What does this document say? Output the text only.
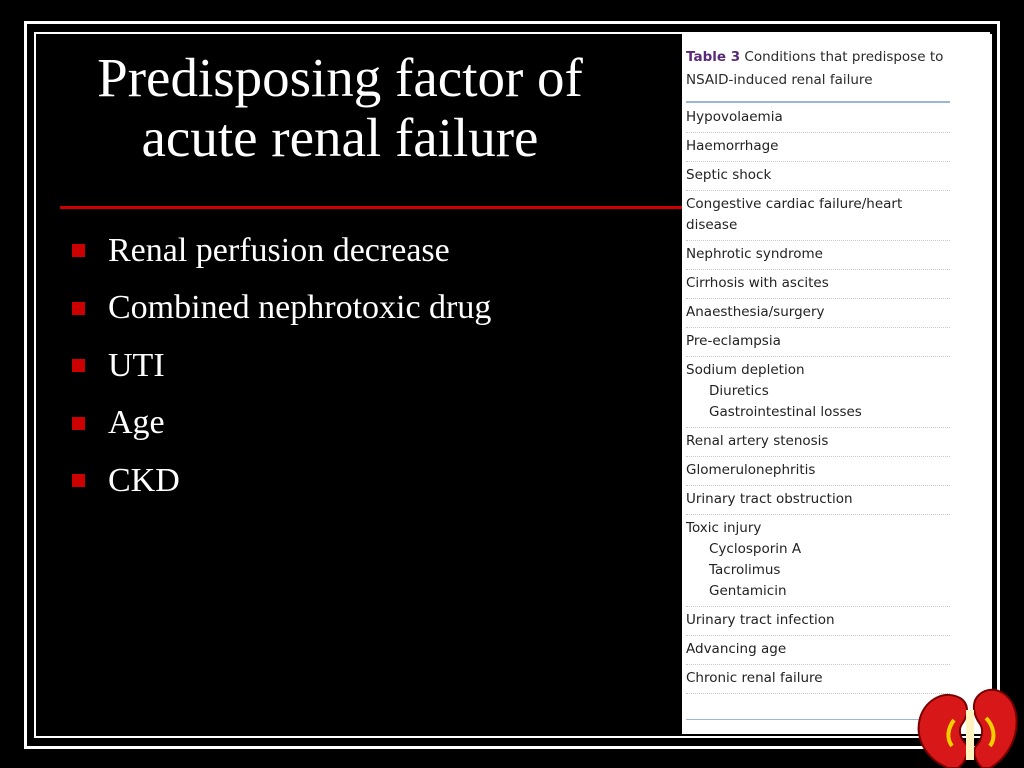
Predisposing factor of
acute renal failure
Renal perfusion decrease
Combined nephrotoxic drug
UTI
Age
CKD
Table 3 Conditions that predispose to NSAID-induced renal failure
Hypovolaemia
Haemorrhage
Septic shock
Congestive cardiac failure/heart disease
Nephrotic syndrome
Cirrhosis with ascites
Anaesthesia/surgery
Pre-eclampsia
Sodium depletion
Diuretics
Gastrointestinal losses
Renal artery stenosis
Glomerulonephritis
Urinary tract obstruction
Toxic injury
Cyclosporin A
Tacrolimus
Gentamicin
Urinary tract infection
Advancing age
Chronic renal failure
